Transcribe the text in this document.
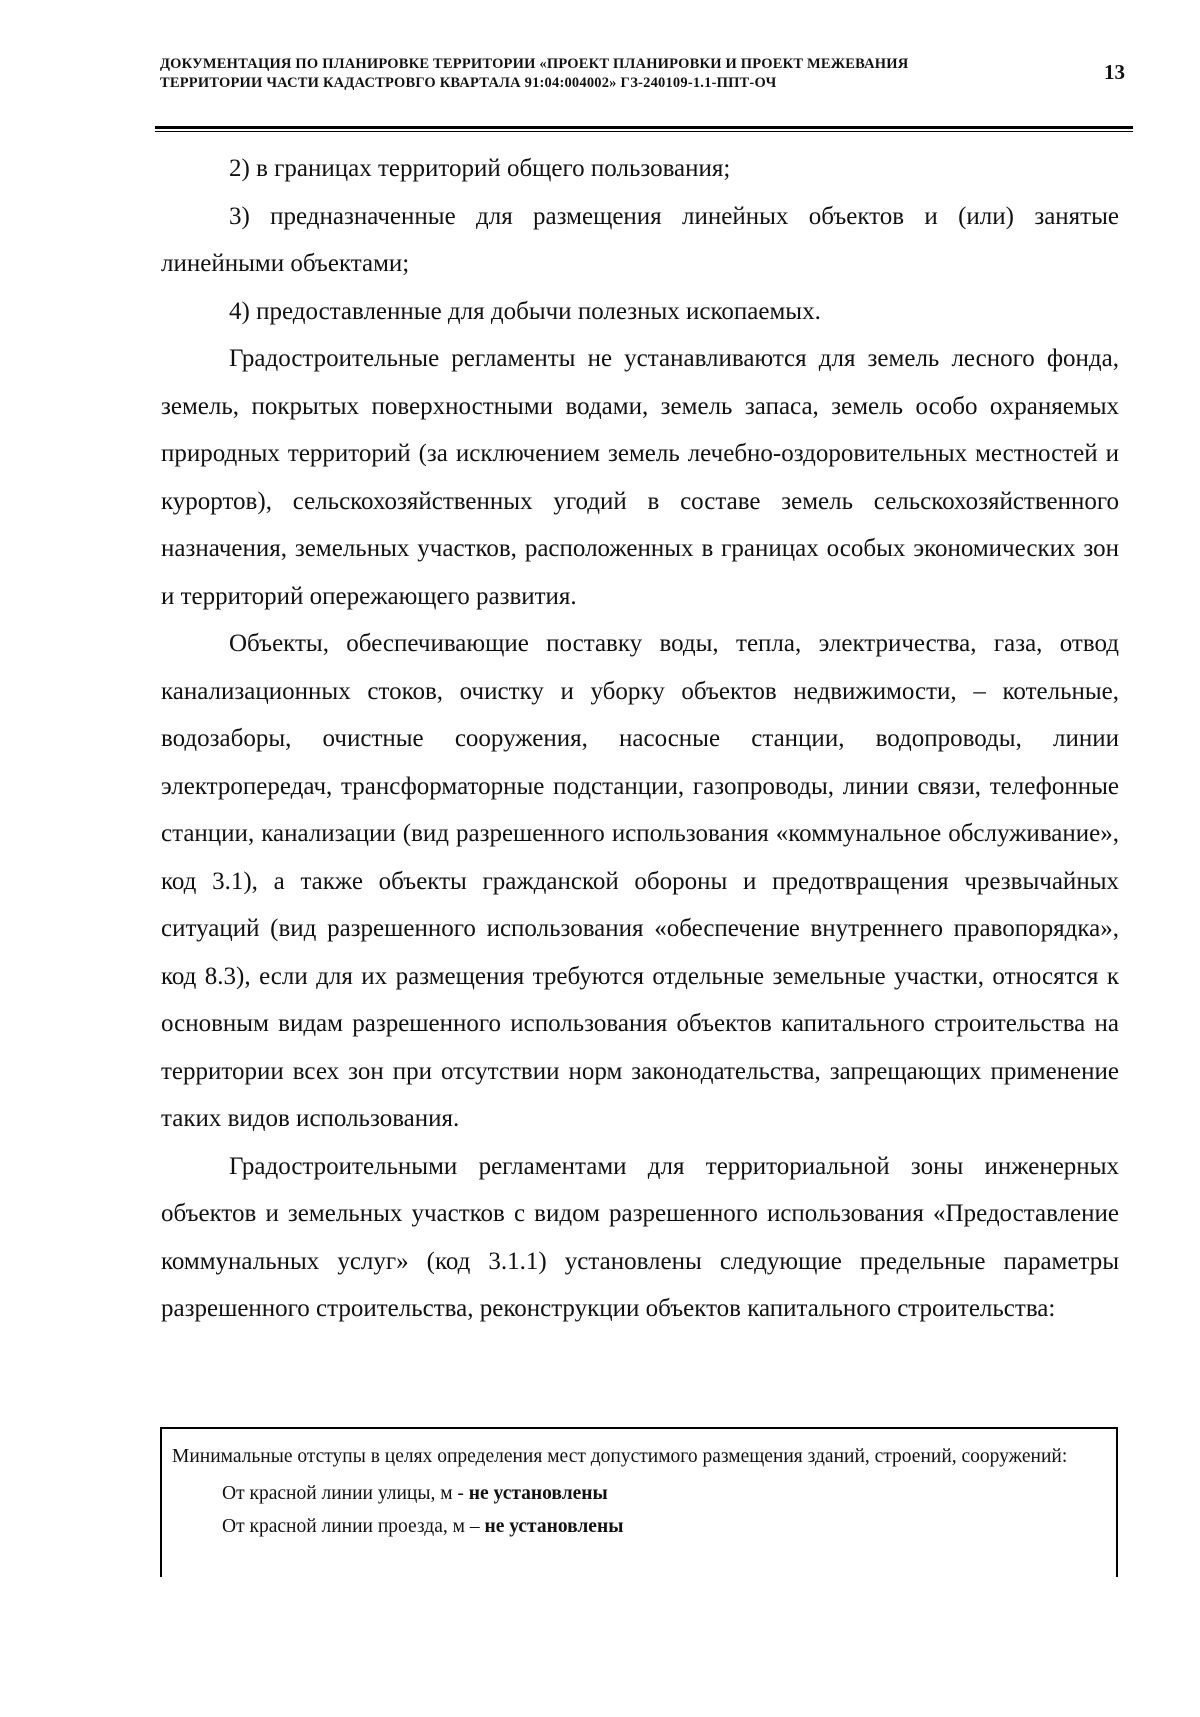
ДОКУМЕНТАЦИЯ ПО ПЛАНИРОВКЕ ТЕРРИТОРИИ «ПРОЕКТ ПЛАНИРОВКИ И ПРОЕКТ МЕЖЕВАНИЯ
ТЕРРИТОРИИ ЧАСТИ КАДАСТРОВГО КВАРТАЛА 91:04:004002» ГЗ-240109-1.1-ППТ-ОЧ	13

2) в границах территорий общего пользования;

3) предназначенные для размещения линейных объектов и (или) занятые линейными объектами;

4) предоставленные для добычи полезных ископаемых.

Градостроительные регламенты не устанавливаются для земель лесного фонда, земель, покрытых поверхностными водами, земель запаса, земель особо охраняемых природных территорий (за исключением земель лечебно-оздоровительных местностей и курортов), сельскохозяйственных угодий в составе земель сельскохозяйственного назначения, земельных участков, расположенных в границах особых экономических зон и территорий опережающего развития.

Объекты, обеспечивающие поставку воды, тепла, электричества, газа, отвод канализационных стоков, очистку и уборку объектов недвижимости, – котельные, водозаборы, очистные сооружения, насосные станции, водопроводы, линии электропередач, трансформаторные подстанции, газопроводы, линии связи, телефонные станции, канализации (вид разрешенного использования «коммунальное обслуживание», код 3.1), а также объекты гражданской обороны и предотвращения чрезвычайных ситуаций (вид разрешенного использования «обеспечение внутреннего правопорядка», код 8.3), если для их размещения требуются отдельные земельные участки, относятся к основным видам разрешенного использования объектов капитального строительства на территории всех зон при отсутствии норм законодательства, запрещающих применение таких видов использования.

Градостроительными регламентами для территориальной зоны инженерных объектов и земельных участков с видом разрешенного использования «Предоставление коммунальных услуг» (код 3.1.1) установлены следующие предельные параметры разрешенного строительства, реконструкции объектов капитального строительства:

Минимальные отступы в целях определения мест допустимого размещения зданий, строений, сооружений:
От красной линии улицы, м - не установлены
От красной линии проезда, м – не установлены
